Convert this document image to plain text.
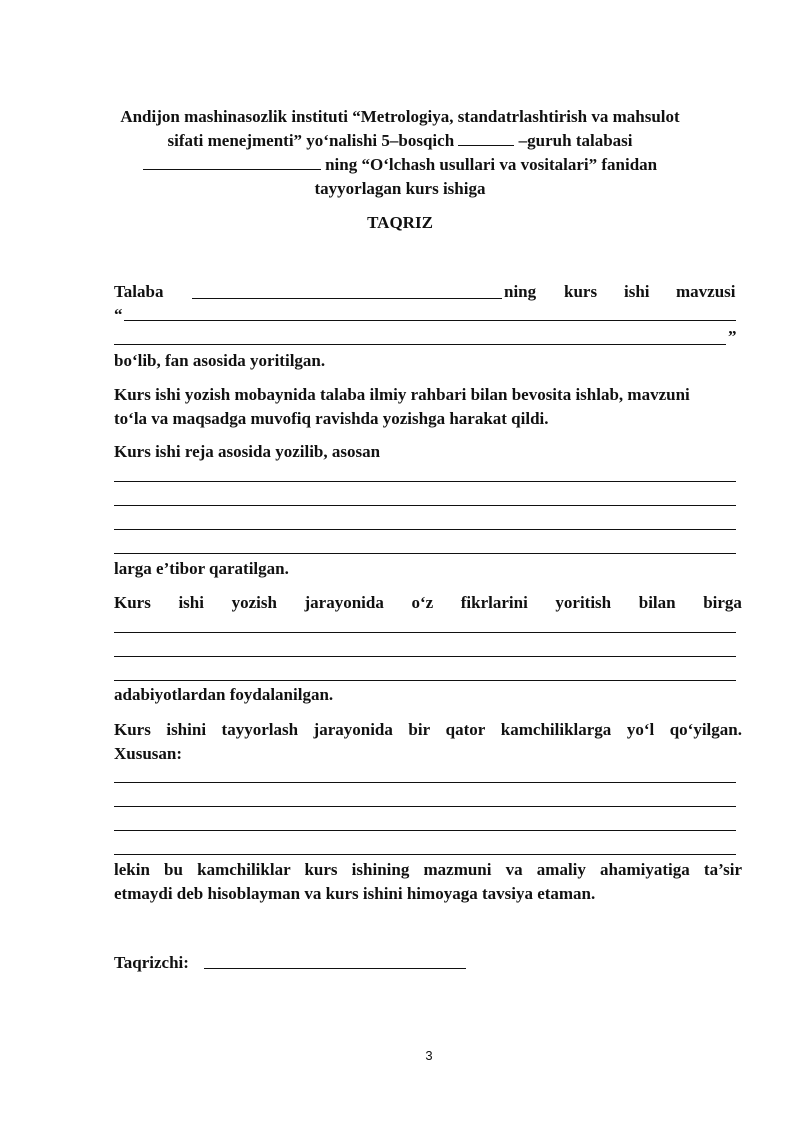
Andijon mashinasozlik instituti “Metrologiya, standatrlashtirish va mahsulot
sifati menejmenti” yo‘nalishi 5–bosqich	–guruh talabasi
ning “O‘lchash usullari va vositalari” fanidan
tayyorlagan kurs ishiga
TAQRIZ
Talaba	ning kurs ishi mavzusi
“
”
bo‘lib, fan asosida yoritilgan.
Kurs ishi yozish mobaynida talaba ilmiy rahbari bilan bevosita ishlab, mavzuni
to‘la va maqsadga muvofiq ravishda yozishga harakat qildi.
Kurs ishi reja asosida yozilib, asosan
larga e’tibor qaratilgan.
Kurs ishi yozish jarayonida o‘z fikrlarini yoritish bilan birga
adabiyotlardan foydalanilgan.
Kurs ishini tayyorlash jarayonida bir qator kamchiliklarga yo‘l qo‘yilgan.
Xususan:
lekin bu kamchiliklar kurs ishining mazmuni va amaliy ahamiyatiga ta’sir
etmaydi deb hisoblayman va kurs ishini himoyaga tavsiya etaman.
Taqrizchi:
3
